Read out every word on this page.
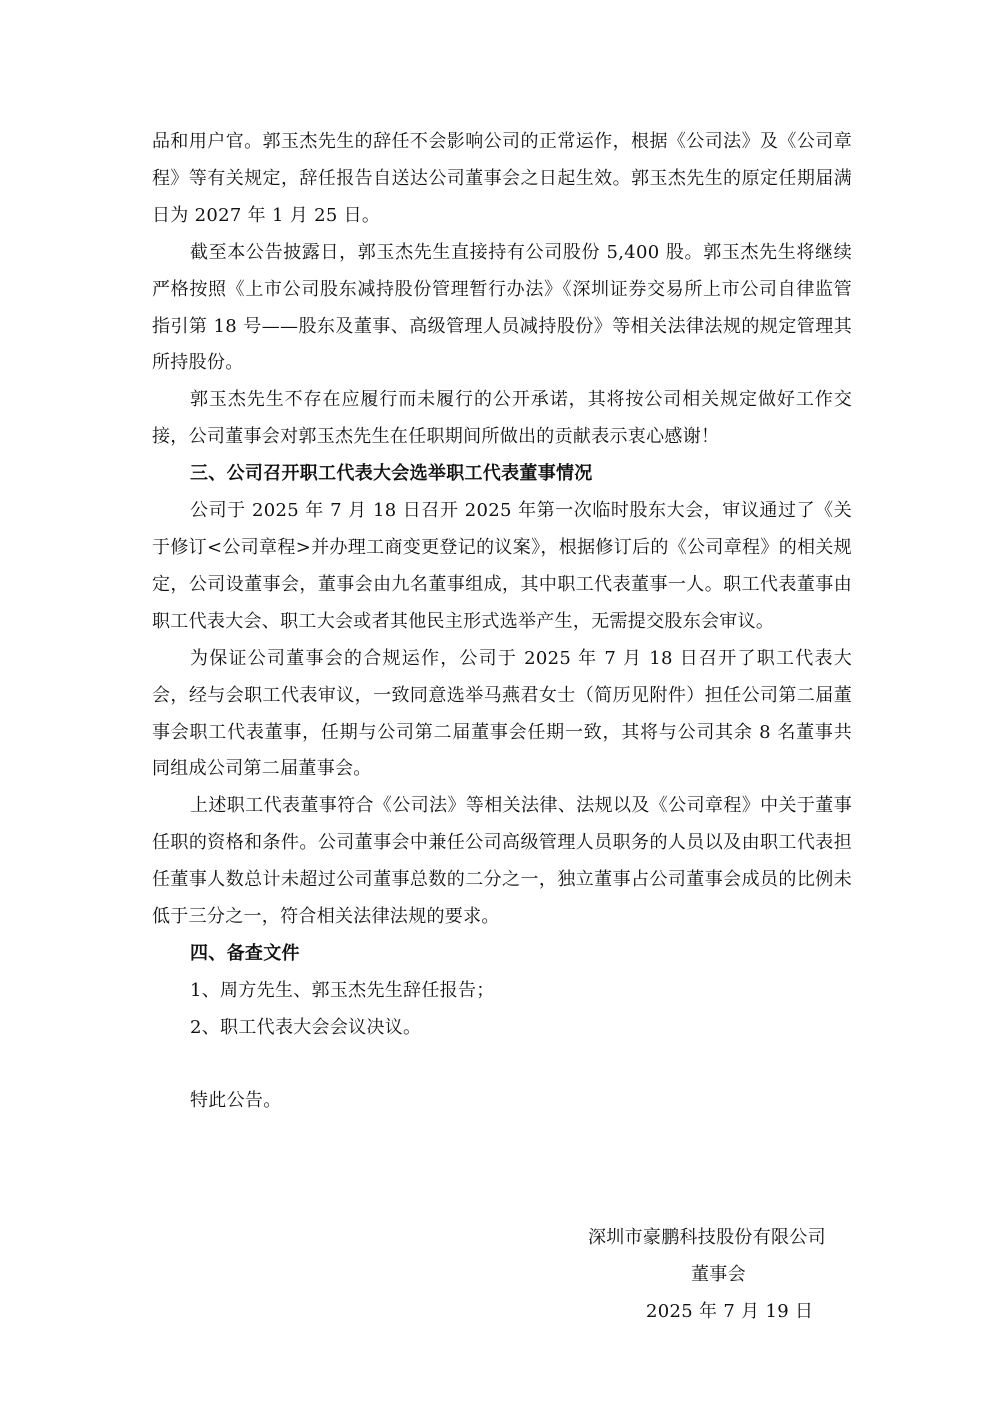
品和用户官。郭玉杰先生的辞任不会影响公司的正常运作，根据《公司法》及《公司章程》等有关规定，辞任报告自送达公司董事会之日起生效。郭玉杰先生的原定任期届满日为 2027 年 1 月 25 日。

截至本公告披露日，郭玉杰先生直接持有公司股份 5,400 股。郭玉杰先生将继续严格按照《上市公司股东减持股份管理暂行办法》《深圳证券交易所上市公司自律监管指引第 18 号——股东及董事、高级管理人员减持股份》等相关法律法规的规定管理其所持股份。

郭玉杰先生不存在应履行而未履行的公开承诺，其将按公司相关规定做好工作交接，公司董事会对郭玉杰先生在任职期间所做出的贡献表示衷心感谢！

三、公司召开职工代表大会选举职工代表董事情况

公司于 2025 年 7 月 18 日召开 2025 年第一次临时股东大会，审议通过了《关于修订<公司章程>并办理工商变更登记的议案》，根据修订后的《公司章程》的相关规定，公司设董事会，董事会由九名董事组成，其中职工代表董事一人。职工代表董事由职工代表大会、职工大会或者其他民主形式选举产生，无需提交股东会审议。

为保证公司董事会的合规运作，公司于 2025 年 7 月 18 日召开了职工代表大会，经与会职工代表审议，一致同意选举马燕君女士（简历见附件）担任公司第二届董事会职工代表董事，任期与公司第二届董事会任期一致，其将与公司其余 8 名董事共同组成公司第二届董事会。

上述职工代表董事符合《公司法》等相关法律、法规以及《公司章程》中关于董事任职的资格和条件。公司董事会中兼任公司高级管理人员职务的人员以及由职工代表担任董事人数总计未超过公司董事总数的二分之一，独立董事占公司董事会成员的比例未低于三分之一，符合相关法律法规的要求。

四、备查文件

1、周方先生、郭玉杰先生辞任报告；

2、职工代表大会会议决议。

特此公告。

深圳市豪鹏科技股份有限公司
董事会
2025 年 7 月 19 日
